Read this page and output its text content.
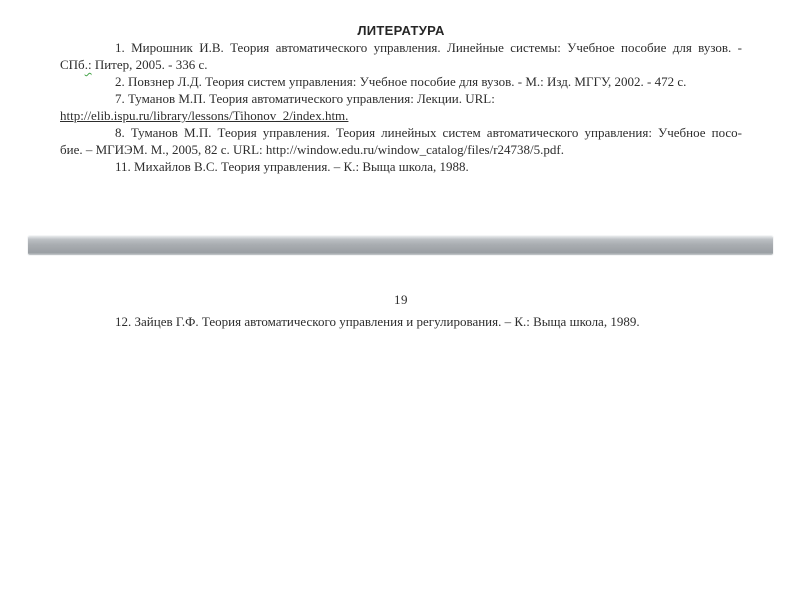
ЛИТЕРАТУРА
1. Мирошник И.В. Теория автоматического управления. Линейные системы: Учебное пособие для вузов. -
СПб.: Питер, 2005. - 336 с.
2. Повзнер Л.Д. Теория систем управления: Учебное пособие для вузов. - М.: Изд. МГГУ, 2002. - 472 с.
7. Туманов М.П. Теория автоматического управления: Лекции. URL:
http://elib.ispu.ru/library/lessons/Tihonov_2/index.htm.
8. Туманов М.П. Теория управления. Теория линейных систем автоматического управления: Учебное посо-
бие. – МГИЭМ. М., 2005, 82 с. URL: http://window.edu.ru/window_catalog/files/r24738/5.pdf.
11. Михайлов В.С. Теория управления. – К.: Выща школа, 1988.
19
12. Зайцев Г.Ф. Теория автоматического управления и регулирования. – К.: Выща школа, 1989.
